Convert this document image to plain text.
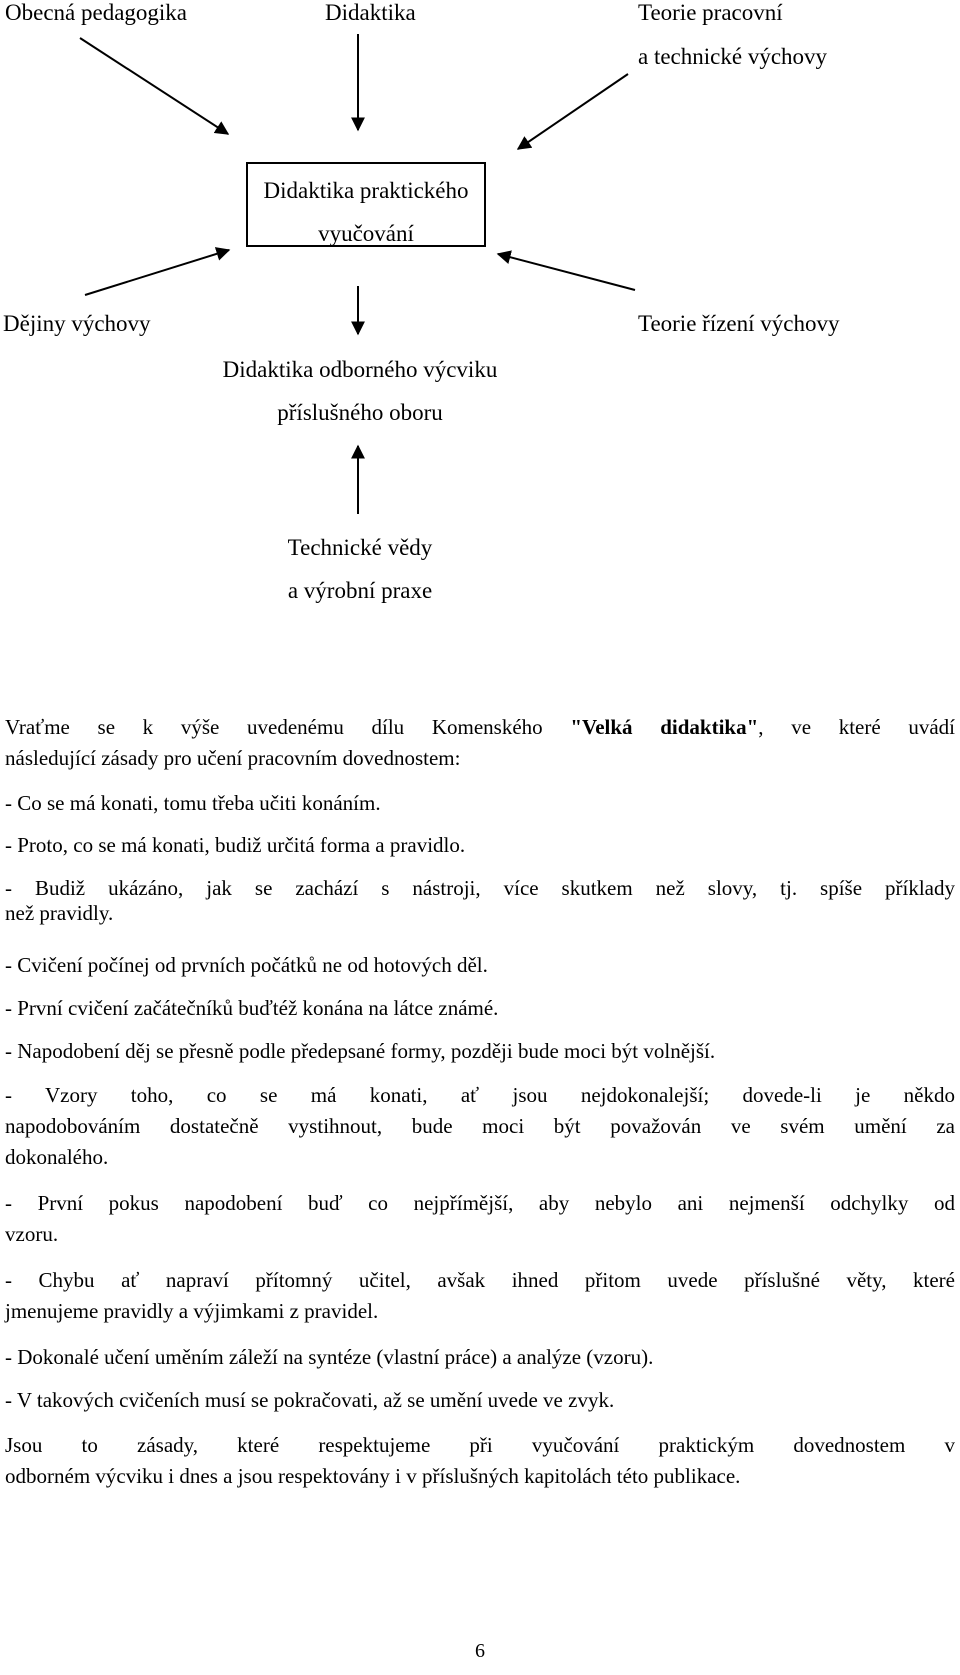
Obecná pedagogika	Didaktika	Teorie pracovní
a technické výchovy
Didaktika praktického
vyučování
Dějiny výchovy	Teorie řízení výchovy
Didaktika odborného výcviku
příslušného oboru
Technické vědy
a výrobní praxe
Vraťme se k výše uvedenému dílu Komenského "Velká didaktika", ve které uvádí
následující zásady pro učení pracovním dovednostem:
- Co se má konati, tomu třeba učiti konáním.
- Proto, co se má konati, budiž určitá forma a pravidlo.
- Budiž ukázáno, jak se zachází s nástroji, více skutkem než slovy, tj. spíše příklady
než pravidly.
- Cvičení počínej od prvních počátků ne od hotových děl.
- První cvičení začátečníků buďtéž konána na látce známé.
- Napodobení děj se přesně podle předepsané formy, později bude moci být volnější.
- Vzory toho, co se má konati, ať jsou nejdokonalejší; dovede-li je někdo
napodobováním dostatečně vystihnout, bude moci být považován ve svém umění za
dokonalého.
- První pokus napodobení buď co nejpřímější, aby nebylo ani nejmenší odchylky od
vzoru.
- Chybu ať napraví přítomný učitel, avšak ihned přitom uvede příslušné věty, které
jmenujeme pravidly a výjimkami z pravidel.
- Dokonalé učení uměním záleží na syntéze (vlastní práce) a analýze (vzoru).
- V takových cvičeních musí se pokračovati, až se umění uvede ve zvyk.
Jsou to zásady, které respektujeme při vyučování praktickým dovednostem v
odborném výcviku i dnes a jsou respektovány i v příslušných kapitolách této publikace.
6
